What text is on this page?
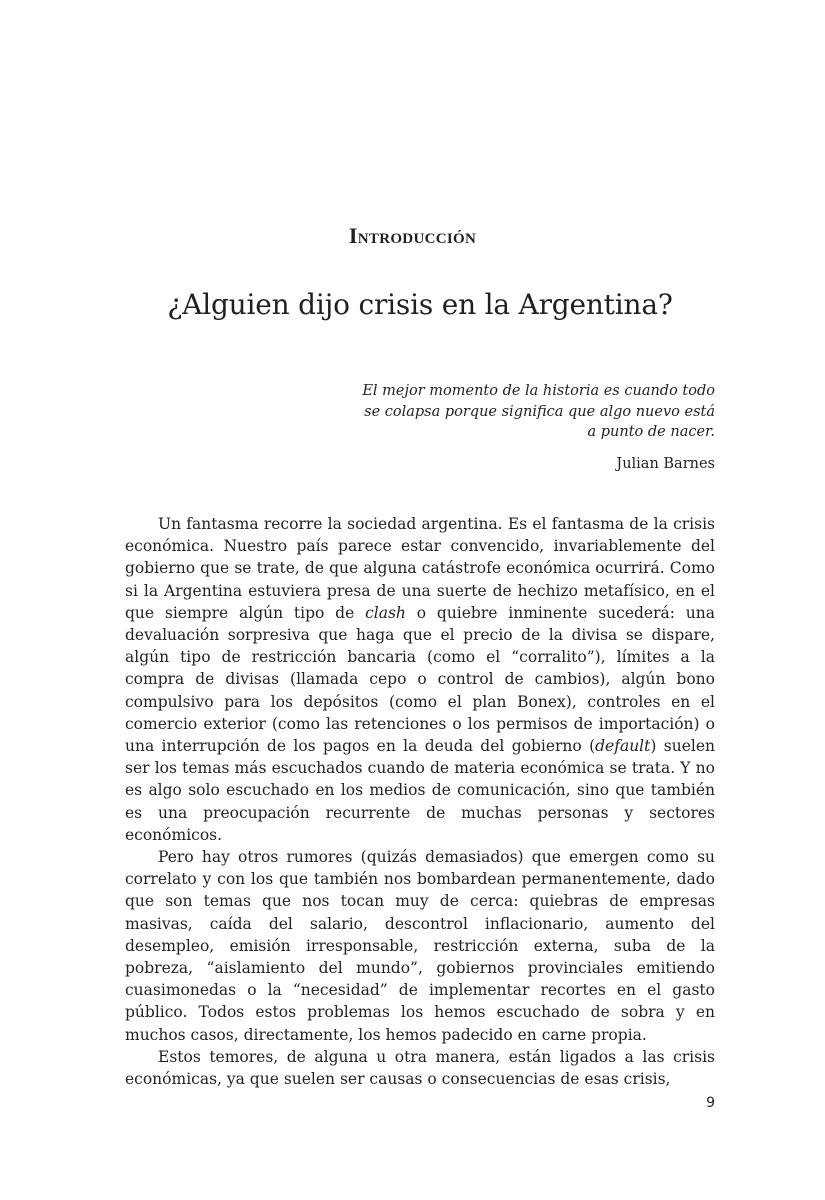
Introducción
¿Alguien dijo crisis en la Argentina?

El mejor momento de la historia es cuando todo se colapsa porque significa que algo nuevo está a punto de nacer.

Julian Barnes

Un fantasma recorre la sociedad argentina. Es el fantasma de la crisis económica. Nuestro país parece estar convencido, invariablemente del gobierno que se trate, de que alguna catástrofe económica ocurrirá. Como si la Argentina estuviera presa de una suerte de hechizo metafísico, en el que siempre algún tipo de clash o quiebre inminente sucederá: una devaluación sorpresiva que haga que el precio de la divisa se dispare, algún tipo de restricción bancaria (como el “corralito”), límites a la compra de divisas (llamada cepo o control de cambios), algún bono compulsivo para los depósitos (como el plan Bonex), controles en el comercio exterior (como las retenciones o los permisos de importación) o una interrupción de los pagos en la deuda del gobierno (default) suelen ser los temas más escuchados cuando de materia económica se trata. Y no es algo solo escuchado en los medios de comunicación, sino que también es una preocupación recurrente de muchas personas y sectores económicos.

Pero hay otros rumores (quizás demasiados) que emergen como su correlato y con los que también nos bombardean permanentemente, dado que son temas que nos tocan muy de cerca: quiebras de empresas masivas, caída del salario, descontrol inflacionario, aumento del desempleo, emisión irresponsable, restricción externa, suba de la pobreza, “aislamiento del mundo”, gobiernos provinciales emitiendo cuasimonedas o la “necesidad” de implementar recortes en el gasto público. Todos estos problemas los hemos escuchado de sobra y en muchos casos, directamente, los hemos padecido en carne propia.

Estos temores, de alguna u otra manera, están ligados a las crisis económicas, ya que suelen ser causas o consecuencias de esas crisis,

9
